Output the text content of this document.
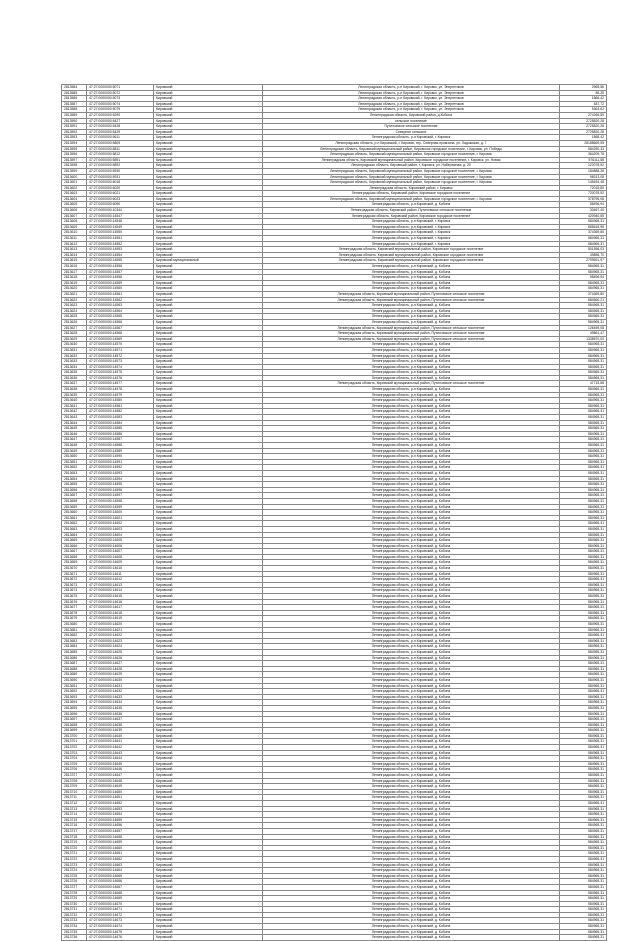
2813584	47:27:0000000:5071	Кировский	Ленинградская область, р-н Кировский, г. Кировск, ул. Энергетиков	2965,56
2813585	47:27:0000000:5072	Кировский	Ленинградская область, р-н Кировский, г. Кировск, ул. Энергетиков	85,25
2813586	47:27:0000000:5073	Кировский	Ленинградская область, р-н Кировский, г. Кировск, ул. Энергетиков	1866,42
2813587	47:27:0000000:5074	Кировский	Ленинградская область, р-н Кировский, г. Кировск, ул. Энергетиков	487,72
2813588	47:27:0000000:5079	Кировский	Ленинградская область, р-н Кировский, г. Кировск, ул. Энергетиков	5363,62
2813589	47:27:0000000:5290	Кировский	Ленинградская область, Кировский район, д.Кобона	274265,59
2813590	47:27:0000000:5427	Кировский	сельское поселение	2725820,28
2813591	47:27:0000000:5428	Кировский	Путиловское сельское поселение	2725820,28
2813592	47:27:0000000:5429	Кировский	Северное сельское	2725820,28
2813593	47:27:0000000:5611	Кировский	Ленинградская область, р-н Кировский, г. Кировск	1868,42
2813594	47:27:0000000:5809	Кировский	Ленинградская область, р-н Кировский, г. Кировск, тер. Северная промзона, ул. Ладожская, д. 7	28188669,55
2813595	47:27:0000000:5811	Кировский	Ленинградская область, Кировский муниципальный район, Кировское городское поселение, г. Кировск, ул. Победы	584250,33
2813596	47:27:0000000:5812	Кировский	Ленинградская область, Кировский муниципальный район, Кировское городское поселение, г. Кировск	364209,78
2813597	47:27:0000000:5891	Кировский	Ленинградская область, Кировский муниципальный район, Кировское городское поселение, г. Кировск, ул. Новая	576111,58
2813598	47:27:0000000:5892	Кировский	Ленинградская область, Кировский район, г. Кировск, ул. Набережная, д. 20	122078,52
2813599	47:27:0000000:5930	Кировский	Ленинградская область, Кировский муниципальный район, Кировское городское поселение, г. Кировск	184888,28
2813600	47:27:0000000:5931	Кировский	Ленинградская область, Кировский муниципальный район, Кировское городское поселение, г. Кировск	98313,08
2813601	47:27:0000000:6018	Кировский	Ленинградская область, Кировский муниципальный район, Кировское городское поселение, г. Кировск	145494,48
2813602	47:27:0000000:6020	Кировский	Ленинградская область, Кировский район, г. Кировск	72015,80
2813603	47:27:0000000:6021	Кировский	Ленинградская область, Кировский район, Кировское городское поселение	720078,52
2813604	47:27:0000000:6023	Кировский	Ленинградская область, Кировский муниципальный район, Кировское городское поселение, г. Кировск	378795,08
2813605	47:27:0000000:6090	Кировский	Ленинградская область, р-н Кировский, д. Кобона	58496,94
2813606	47:27:0000000:10344	Кировский	Ленинградская область, Кировский район, Путиловское сельское поселение	30467,40
2813607	47:27:0000000:14547	Кировский	Ленинградская область, Кировский район, Кировское городское поселение	420940,55
2813608	47:27:0000000:14548	Кировский	Ленинградская область, р-н Кировский, г. Кировск	584965,31
2813609	47:27:0000000:14549	Кировский	Ленинградская область, р-н Кировский, г. Кировск	885618,98
2813610	47:27:0000000:14550	Кировский	Ленинградская область, р-н Кировский, г. Кировск	374369,80
2813611	47:27:0000000:14551	Кировский	Ленинградская область, р-н Кировский, г. Кировск	584965,31
2813612	47:27:0000000:14552	Кировский	Ленинградская область, р-н Кировский, г. Кировск	584965,31
2813613	47:27:0000000:14553	Кировский	Ленинградская область, Кировский муниципальный район, Кировское городское поселение	501556,03
2813614	47:27:0000000:14554	Кировский	Ленинградская область, Кировский муниципальный район, Кировское городское поселение	49856,70
2813615	47:27:0000000:14555	Кировский муниципальный	Ленинградская область, Кировский муниципальный район, Кировское городское поселение	2799691,97
2813616	47:27:0000000:14556	Кировский	Ленинградская область, р-н Кировский, д. Кобона	584965,31
2813617	47:27:0000000:14557	Кировский	Ленинградская область, р-н Кировский, д. Кобона	584965,31
2813618	47:27:0000000:14558	Кировский	Ленинградская область, р-н Кировский, д. Кобона	58496,94
2813619	47:27:0000000:14559	Кировский	Ленинградская область, р-н Кировский, д. Кобона	584965,31
2813620	47:27:0000000:14560	Кировский	Ленинградская область, р-н Кировский, д. Кобона	584965,31
2813621	47:27:0000000:14561	Кировский	Ленинградская область, Кировский муниципальный район, Путиловское сельское поселение	374369,80
2813622	47:27:0000000:14562	Кировский	Ленинградская область, Кировский муниципальный район, Путиловское сельское поселение	884560,21
2813623	47:27:0000000:14563	Кировский	Ленинградская область, р-н Кировский, д. Кобона	584965,31
2813624	47:27:0000000:14564	Кировский	Ленинградская область, р-н Кировский, д. Кобона	584965,31
2813625	47:27:0000000:14565	Кировский	Ленинградская область, р-н Кировский, д. Кобона	584965,31
2813626	47:27:0000000:14566	Кировский	Ленинградская область, р-н Кировский, д. Кобона	584965,31
2813627	47:27:0000000:14567	Кировский	Ленинградская область, Кировский муниципальный район, Путиловское сельское поселение	126459,08
2813628	47:27:0000000:14568	Кировский	Ленинградская область, Кировский муниципальный район, Путиловское сельское поселение	49861,47
2813629	47:27:0000000:14569	Кировский	Ленинградская область, Кировский муниципальный район, Путиловское сельское поселение	1338570,00
2813630	47:27:0000000:14570	Кировский	Ленинградская область, р-н Кировский, д. Кобона	584965,31
2813631	47:27:0000000:14571	Кировский	Ленинградская область, р-н Кировский, д. Кобона	584965,31
2813632	47:27:0000000:14572	Кировский	Ленинградская область, р-н Кировский, д. Кобона	584965,31
2813633	47:27:0000000:14573	Кировский	Ленинградская область, р-н Кировский, д. Кобона	584965,31
2813634	47:27:0000000:14574	Кировский	Ленинградская область, р-н Кировский, д. Кобона	584965,31
2813635	47:27:0000000:14575	Кировский	Ленинградская область, р-н Кировский, д. Кобона	584965,31
2813636	47:27:0000000:14576	Кировский	Ленинградская область, р-н Кировский, д. Кобона	584965,31
2813637	47:27:0000000:14577	Кировский	Ленинградская область, Кировский муниципальный район, Путиловское сельское поселение	47715,88
2813638	47:27:0000000:14578	Кировский	Ленинградская область, р-н Кировский, д. Кобона	584965,31
2813639	47:27:0000000:14579	Кировский	Ленинградская область, р-н Кировский, д. Кобона	584965,31
2813640	47:27:0000000:14580	Кировский	Ленинградская область, р-н Кировский, д. Кобона	584965,31
2813641	47:27:0000000:14581	Кировский	Ленинградская область, р-н Кировский, д. Кобона	584965,31
2813642	47:27:0000000:14582	Кировский	Ленинградская область, р-н Кировский, д. Кобона	584965,31
2813643	47:27:0000000:14583	Кировский	Ленинградская область, р-н Кировский, д. Кобона	584965,31
2813644	47:27:0000000:14584	Кировский	Ленинградская область, р-н Кировский, д. Кобона	584965,31
2813645	47:27:0000000:14585	Кировский	Ленинградская область, р-н Кировский, д. Кобона	584965,31
2813646	47:27:0000000:14586	Кировский	Ленинградская область, р-н Кировский, д. Кобона	584965,31
2813647	47:27:0000000:14587	Кировский	Ленинградская область, р-н Кировский, д. Кобона	584965,31
2813648	47:27:0000000:14588	Кировский	Ленинградская область, р-н Кировский, д. Кобона	584965,31
2813649	47:27:0000000:14589	Кировский	Ленинградская область, р-н Кировский, д. Кобона	584965,31
2813650	47:27:0000000:14590	Кировский	Ленинградская область, р-н Кировский, д. Кобона	584965,31
2813651	47:27:0000000:14591	Кировский	Ленинградская область, р-н Кировский, д. Кобона	584965,31
2813652	47:27:0000000:14592	Кировский	Ленинградская область, р-н Кировский, д. Кобона	584965,31
2813653	47:27:0000000:14593	Кировский	Ленинградская область, р-н Кировский, д. Кобона	584965,31
2813654	47:27:0000000:14594	Кировский	Ленинградская область, р-н Кировский, д. Кобона	584965,31
2813655	47:27:0000000:14595	Кировский	Ленинградская область, р-н Кировский, д. Кобона	584965,31
2813656	47:27:0000000:14596	Кировский	Ленинградская область, р-н Кировский, д. Кобона	584965,31
2813657	47:27:0000000:14597	Кировский	Ленинградская область, р-н Кировский, д. Кобона	584965,31
2813658	47:27:0000000:14598	Кировский	Ленинградская область, р-н Кировский, д. Кобона	584965,31
2813659	47:27:0000000:14599	Кировский	Ленинградская область, р-н Кировский, д. Кобона	584965,31
2813660	47:27:0000000:14600	Кировский	Ленинградская область, р-н Кировский, д. Кобона	584965,31
2813661	47:27:0000000:14601	Кировский	Ленинградская область, р-н Кировский, д. Кобона	584965,31
2813662	47:27:0000000:14602	Кировский	Ленинградская область, р-н Кировский, д. Кобона	584965,31
2813663	47:27:0000000:14603	Кировский	Ленинградская область, р-н Кировский, д. Кобона	584965,31
2813664	47:27:0000000:14604	Кировский	Ленинградская область, р-н Кировский, д. Кобона	584965,31
2813665	47:27:0000000:14605	Кировский	Ленинградская область, р-н Кировский, д. Кобона	584965,31
2813666	47:27:0000000:14606	Кировский	Ленинградская область, р-н Кировский, д. Кобона	584965,31
2813667	47:27:0000000:14607	Кировский	Ленинградская область, р-н Кировский, д. Кобона	584965,31
2813668	47:27:0000000:14608	Кировский	Ленинградская область, р-н Кировский, д. Кобона	584965,31
2813669	47:27:0000000:14609	Кировский	Ленинградская область, р-н Кировский, д. Кобона	584965,31
2813670	47:27:0000000:14610	Кировский	Ленинградская область, р-н Кировский, д. Кобона	584965,31
2813671	47:27:0000000:14611	Кировский	Ленинградская область, р-н Кировский, д. Кобона	584965,31
2813672	47:27:0000000:14612	Кировский	Ленинградская область, р-н Кировский, д. Кобона	584965,31
2813673	47:27:0000000:14613	Кировский	Ленинградская область, р-н Кировский, д. Кобона	584965,31
2813674	47:27:0000000:14614	Кировский	Ленинградская область, р-н Кировский, д. Кобона	584965,31
2813675	47:27:0000000:14615	Кировский	Ленинградская область, р-н Кировский, д. Кобона	584965,31
2813676	47:27:0000000:14616	Кировский	Ленинградская область, р-н Кировский, д. Кобона	584965,31
2813677	47:27:0000000:14617	Кировский	Ленинградская область, р-н Кировский, д. Кобона	584965,31
2813678	47:27:0000000:14618	Кировский	Ленинградская область, р-н Кировский, д. Кобона	584965,31
2813679	47:27:0000000:14619	Кировский	Ленинградская область, р-н Кировский, д. Кобона	584965,31
2813680	47:27:0000000:14620	Кировский	Ленинградская область, р-н Кировский, д. Кобона	584965,31
2813681	47:27:0000000:14621	Кировский	Ленинградская область, р-н Кировский, д. Кобона	584965,31
2813682	47:27:0000000:14622	Кировский	Ленинградская область, р-н Кировский, д. Кобона	584965,31
2813683	47:27:0000000:14623	Кировский	Ленинградская область, р-н Кировский, д. Кобона	584965,31
2813684	47:27:0000000:14624	Кировский	Ленинградская область, р-н Кировский, д. Кобона	584965,31
2813685	47:27:0000000:14625	Кировский	Ленинградская область, р-н Кировский, д. Кобона	584965,31
2813686	47:27:0000000:14626	Кировский	Ленинградская область, р-н Кировский, д. Кобона	584965,31
2813687	47:27:0000000:14627	Кировский	Ленинградская область, р-н Кировский, д. Кобона	584965,31
2813688	47:27:0000000:14628	Кировский	Ленинградская область, р-н Кировский, д. Кобона	584965,31
2813689	47:27:0000000:14629	Кировский	Ленинградская область, р-н Кировский, д. Кобона	584965,31
2813690	47:27:0000000:14630	Кировский	Ленинградская область, р-н Кировский, д. Кобона	584965,31
2813691	47:27:0000000:14631	Кировский	Ленинградская область, р-н Кировский, д. Кобона	584965,31
2813692	47:27:0000000:14632	Кировский	Ленинградская область, р-н Кировский, д. Кобона	584965,31
2813693	47:27:0000000:14633	Кировский	Ленинградская область, р-н Кировский, д. Кобона	584965,31
2813694	47:27:0000000:14634	Кировский	Ленинградская область, р-н Кировский, д. Кобона	584965,31
2813695	47:27:0000000:14635	Кировский	Ленинградская область, р-н Кировский, д. Кобона	584965,31
2813696	47:27:0000000:14636	Кировский	Ленинградская область, р-н Кировский, д. Кобона	584965,31
2813697	47:27:0000000:14637	Кировский	Ленинградская область, р-н Кировский, д. Кобона	584965,31
2813698	47:27:0000000:14638	Кировский	Ленинградская область, р-н Кировский, д. Кобона	584965,31
2813699	47:27:0000000:14639	Кировский	Ленинградская область, р-н Кировский, д. Кобона	584965,31
2813700	47:27:0000000:14640	Кировский	Ленинградская область, р-н Кировский, д. Кобона	584965,31
2813701	47:27:0000000:14641	Кировский	Ленинградская область, р-н Кировский, д. Кобона	584965,31
2813702	47:27:0000000:14642	Кировский	Ленинградская область, р-н Кировский, д. Кобона	584965,31
2813703	47:27:0000000:14643	Кировский	Ленинградская область, р-н Кировский, д. Кобона	584965,31
2813704	47:27:0000000:14644	Кировский	Ленинградская область, р-н Кировский, д. Кобона	584965,31
2813705	47:27:0000000:14645	Кировский	Ленинградская область, р-н Кировский, д. Кобона	584965,31
2813706	47:27:0000000:14646	Кировский	Ленинградская область, р-н Кировский, д. Кобона	584965,31
2813707	47:27:0000000:14647	Кировский	Ленинградская область, р-н Кировский, д. Кобона	584965,31
2813708	47:27:0000000:14648	Кировский	Ленинградская область, р-н Кировский, д. Кобона	584965,31
2813709	47:27:0000000:14649	Кировский	Ленинградская область, р-н Кировский, д. Кобона	584965,31
2813710	47:27:0000000:14650	Кировский	Ленинградская область, р-н Кировский, д. Кобона	584965,31
2813711	47:27:0000000:14651	Кировский	Ленинградская область, р-н Кировский, д. Кобона	584965,31
2813712	47:27:0000000:14652	Кировский	Ленинградская область, р-н Кировский, д. Кобона	584965,31
2813713	47:27:0000000:14653	Кировский	Ленинградская область, р-н Кировский, д. Кобона	584965,31
2813714	47:27:0000000:14654	Кировский	Ленинградская область, р-н Кировский, д. Кобона	584965,31
2813715	47:27:0000000:14655	Кировский	Ленинградская область, р-н Кировский, д. Кобона	584965,31
2813716	47:27:0000000:14656	Кировский	Ленинградская область, р-н Кировский, д. Кобона	584965,31
2813717	47:27:0000000:14657	Кировский	Ленинградская область, р-н Кировский, д. Кобона	584965,31
2813718	47:27:0000000:14658	Кировский	Ленинградская область, р-н Кировский, д. Кобона	584965,31
2813719	47:27:0000000:14659	Кировский	Ленинградская область, р-н Кировский, д. Кобона	584965,31
2813720	47:27:0000000:14660	Кировский	Ленинградская область, р-н Кировский, д. Кобона	584965,31
2813721	47:27:0000000:14661	Кировский	Ленинградская область, р-н Кировский, д. Кобона	584965,31
2813722	47:27:0000000:14662	Кировский	Ленинградская область, р-н Кировский, д. Кобона	584965,31
2813723	47:27:0000000:14663	Кировский	Ленинградская область, р-н Кировский, д. Кобона	584965,31
2813724	47:27:0000000:14664	Кировский	Ленинградская область, р-н Кировский, д. Кобона	584965,31
2813725	47:27:0000000:14665	Кировский	Ленинградская область, р-н Кировский, д. Кобона	584965,31
2813726	47:27:0000000:14666	Кировский	Ленинградская область, р-н Кировский, д. Кобона	584965,31
2813727	47:27:0000000:14667	Кировский	Ленинградская область, р-н Кировский, д. Кобона	584965,31
2813728	47:27:0000000:14668	Кировский	Ленинградская область, р-н Кировский, д. Кобона	584965,31
2813729	47:27:0000000:14669	Кировский	Ленинградская область, р-н Кировский, д. Кобона	584965,31
2813730	47:27:0000000:14670	Кировский	Ленинградская область, р-н Кировский, д. Кобона	584965,31
2813731	47:27:0000000:14671	Кировский	Ленинградская область, р-н Кировский, д. Кобона	584965,31
2813732	47:27:0000000:14672	Кировский	Ленинградская область, р-н Кировский, д. Кобона	584965,31
2813733	47:27:0000000:14673	Кировский	Ленинградская область, р-н Кировский, д. Кобона	584965,31
2813734	47:27:0000000:14674	Кировский	Ленинградская область, р-н Кировский, д. Кобона	584965,31
2813735	47:27:0000000:14675	Кировский	Ленинградская область, р-н Кировский, д. Кобона	584965,31
2813736	47:27:0000000:14676	Кировский	Ленинградская область, р-н Кировский, д. Кобона	584965,31
